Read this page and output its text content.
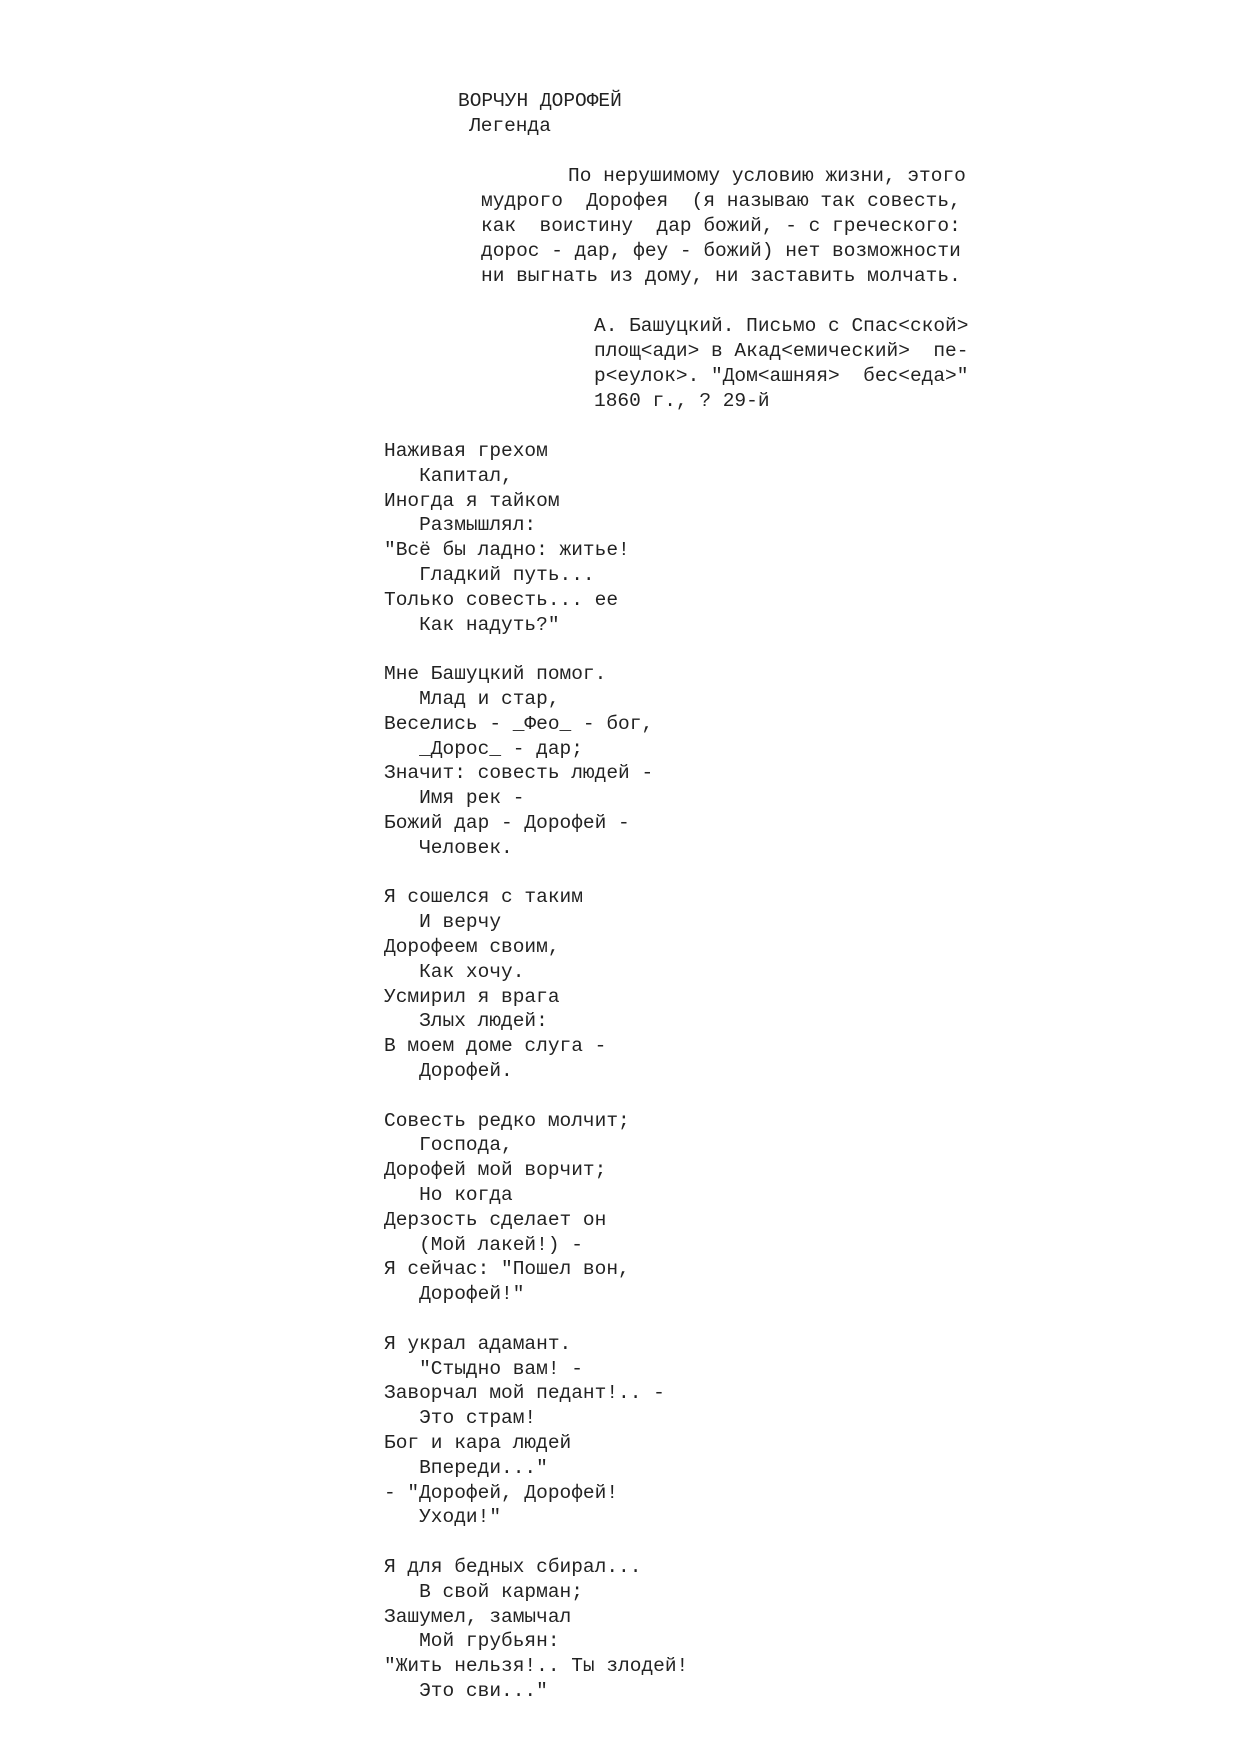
ВОРЧУН ДОРОФЕЙ
Легенда
По нерушимому условию жизни, этого
мудрого  Дорофея  (я называю так совесть,
как  воистину  дар божий, - с греческого:
дорос - дар, феу - божий) нет возможности
ни выгнать из дому, ни заставить молчать.
А. Башуцкий. Письмо с Спас<ской>
площ<ади> в Акад<емический>  пе-
р<еулок>. "Дом<ашняя>  бес<еда>"
1860 г., ? 29-й
Наживая грехом
Капитал,
Иногда я тайком
Размышлял:
"Всё бы ладно: житье!
Гладкий путь...
Только совесть... ее
Как надуть?"
Мне Башуцкий помог.
Млад и стар,
Веселись - _Фео_ - бог,
_Дорос_ - дар;
Значит: совесть людей -
Имя рек -
Божий дар - Дорофей -
Человек.
Я сошелся с таким
И верчу
Дорофеем своим,
Как хочу.
Усмирил я врага
Злых людей:
В моем доме слуга -
Дорофей.
Совесть редко молчит;
Господа,
Дорофей мой ворчит;
Но когда
Дерзость сделает он
(Мой лакей!) -
Я сейчас: "Пошел вон,
Дорофей!"
Я украл адамант.
"Стыдно вам! -
Заворчал мой педант!.. -
Это страм!
Бог и кара людей
Впереди..."
- "Дорофей, Дорофей!
Уходи!"
Я для бедных сбирал...
В свой карман;
Зашумел, замычал
Мой грубьян:
"Жить нельзя!.. Ты злодей!
Это сви..."
